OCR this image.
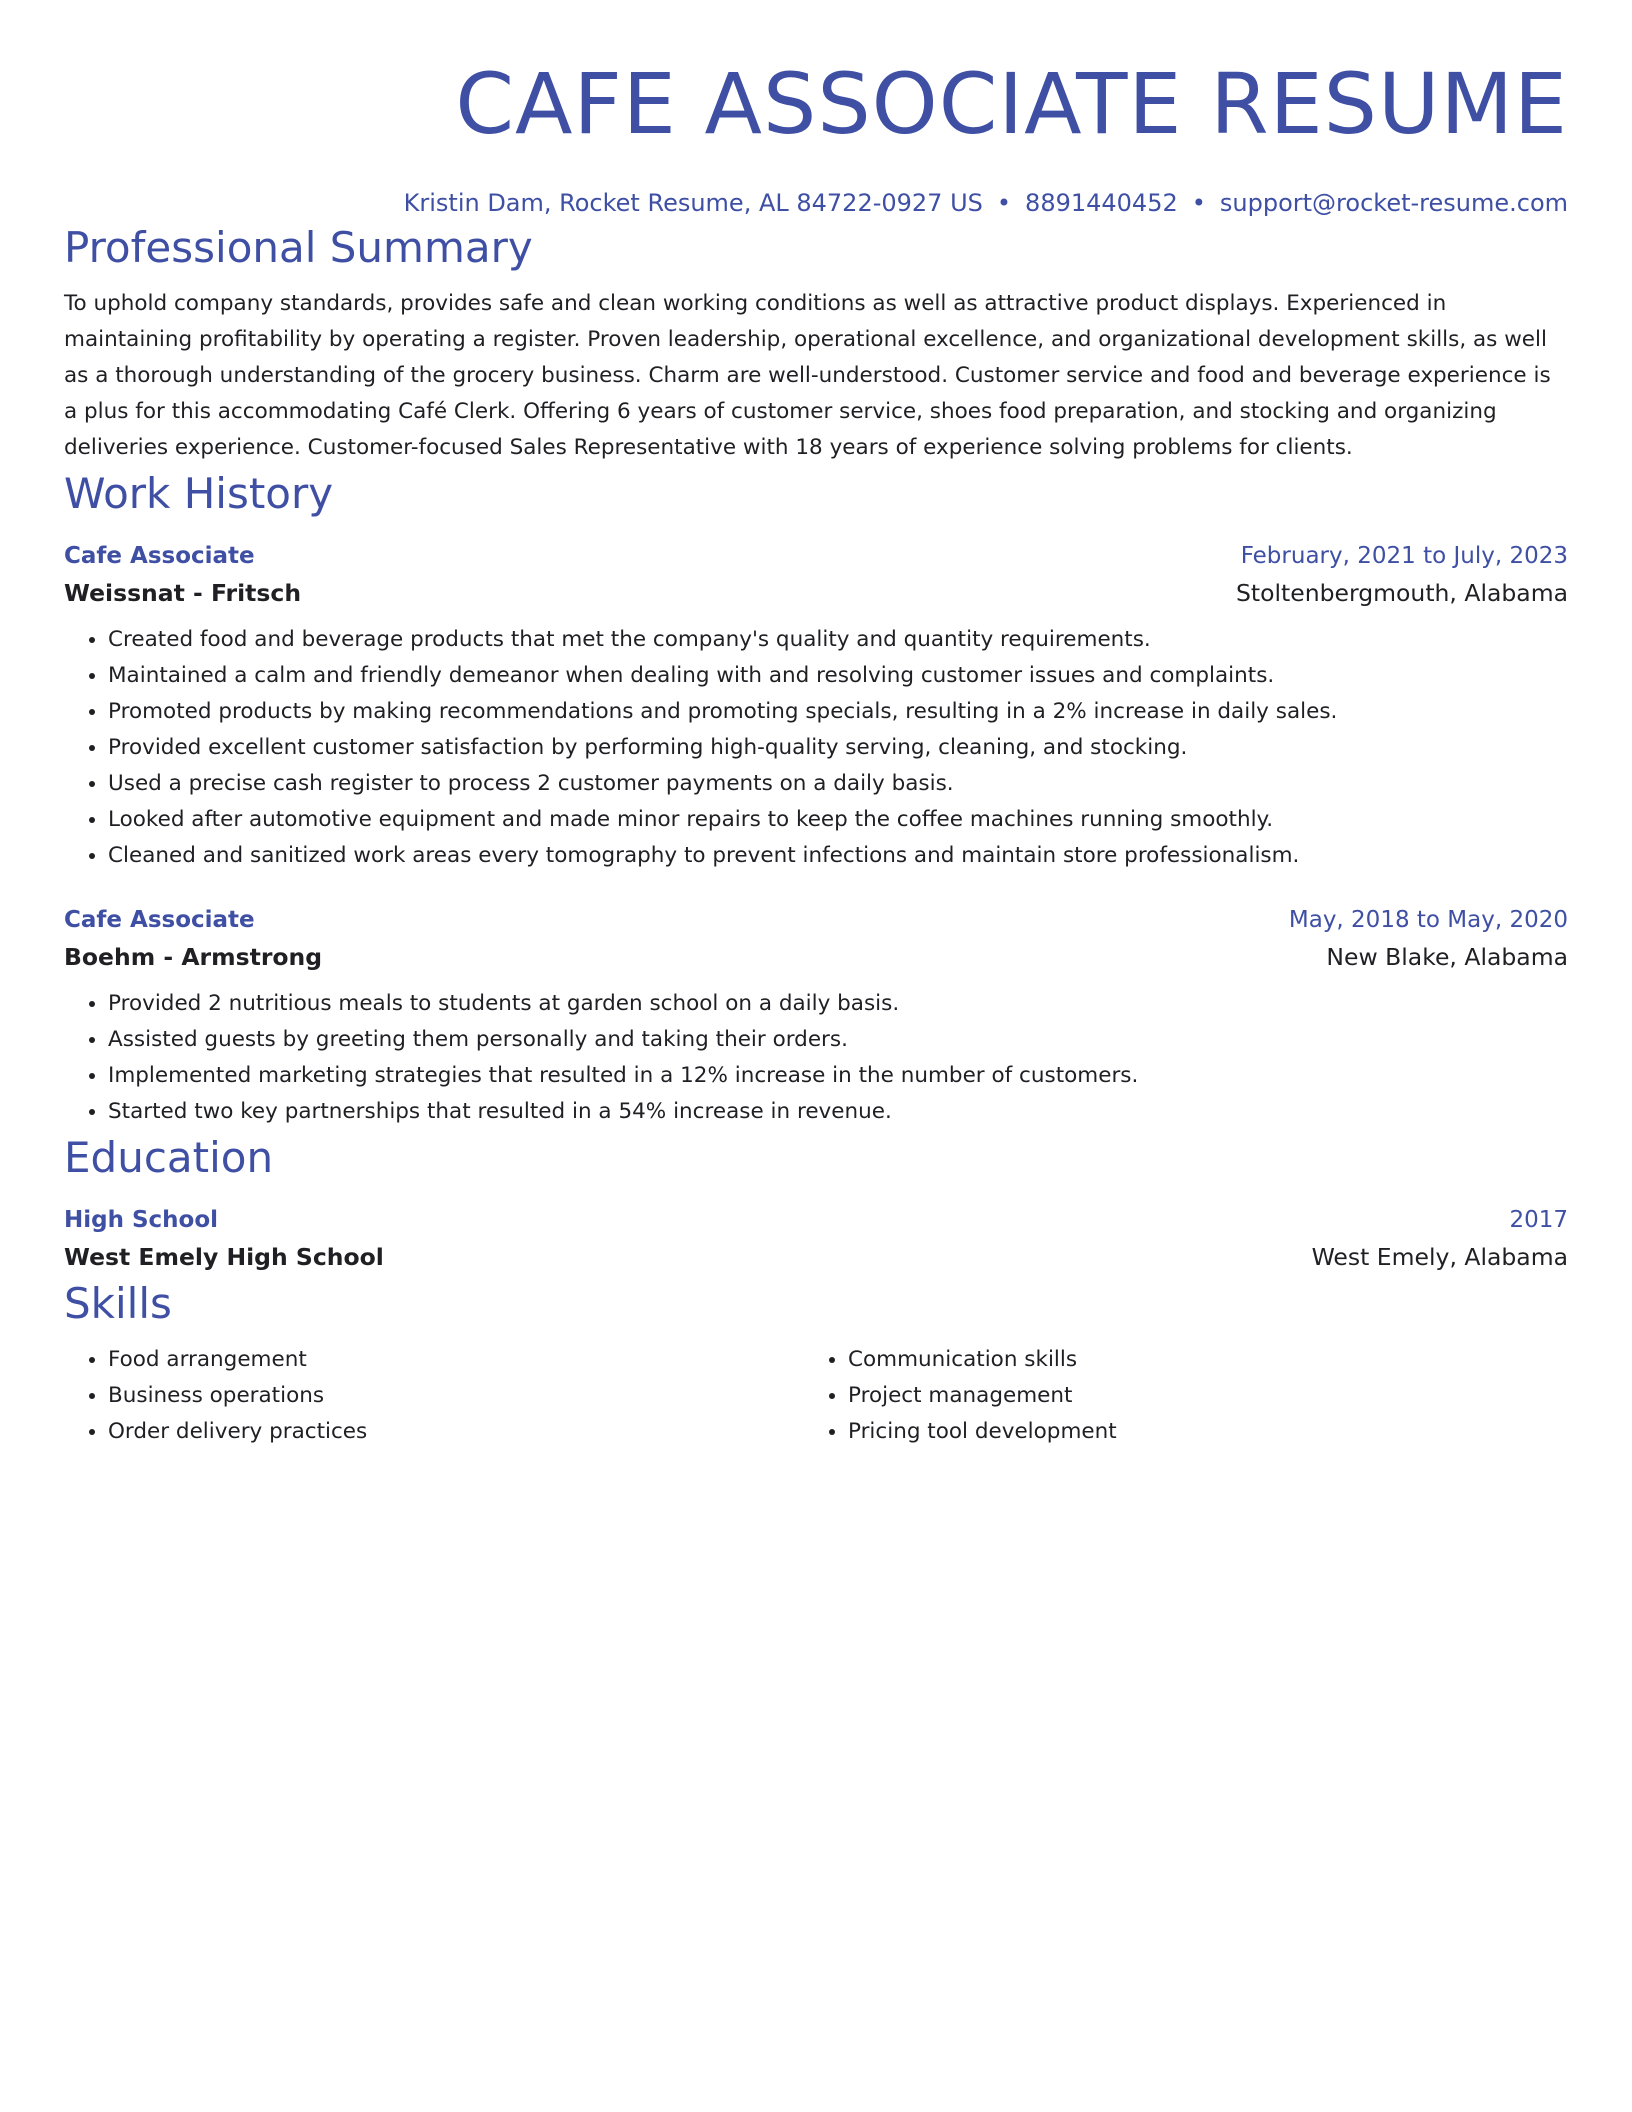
CAFE ASSOCIATE RESUME
Kristin Dam, Rocket Resume, AL 84722-0927 US • 8891440452 • support@rocket-resume.com
Professional Summary
To uphold company standards, provides safe and clean working conditions as well as attractive product displays. Experienced in maintaining profitability by operating a register. Proven leadership, operational excellence, and organizational development skills, as well as a thorough understanding of the grocery business. Charm are well-understood. Customer service and food and beverage experience is a plus for this accommodating Café Clerk. Offering 6 years of customer service, shoes food preparation, and stocking and organizing deliveries experience. Customer-focused Sales Representative with 18 years of experience solving problems for clients.
Work History
Cafe Associate	February, 2021 to July, 2023
Weissnat - Fritsch	Stoltenbergmouth, Alabama
• Created food and beverage products that met the company's quality and quantity requirements.
• Maintained a calm and friendly demeanor when dealing with and resolving customer issues and complaints.
• Promoted products by making recommendations and promoting specials, resulting in a 2% increase in daily sales.
• Provided excellent customer satisfaction by performing high-quality serving, cleaning, and stocking.
• Used a precise cash register to process 2 customer payments on a daily basis.
• Looked after automotive equipment and made minor repairs to keep the coffee machines running smoothly.
• Cleaned and sanitized work areas every tomography to prevent infections and maintain store professionalism.
Cafe Associate	May, 2018 to May, 2020
Boehm - Armstrong	New Blake, Alabama
• Provided 2 nutritious meals to students at garden school on a daily basis.
• Assisted guests by greeting them personally and taking their orders.
• Implemented marketing strategies that resulted in a 12% increase in the number of customers.
• Started two key partnerships that resulted in a 54% increase in revenue.
Education
High School	2017
West Emely High School	West Emely, Alabama
Skills
• Food arrangement
• Business operations
• Order delivery practices
• Communication skills
• Project management
• Pricing tool development
